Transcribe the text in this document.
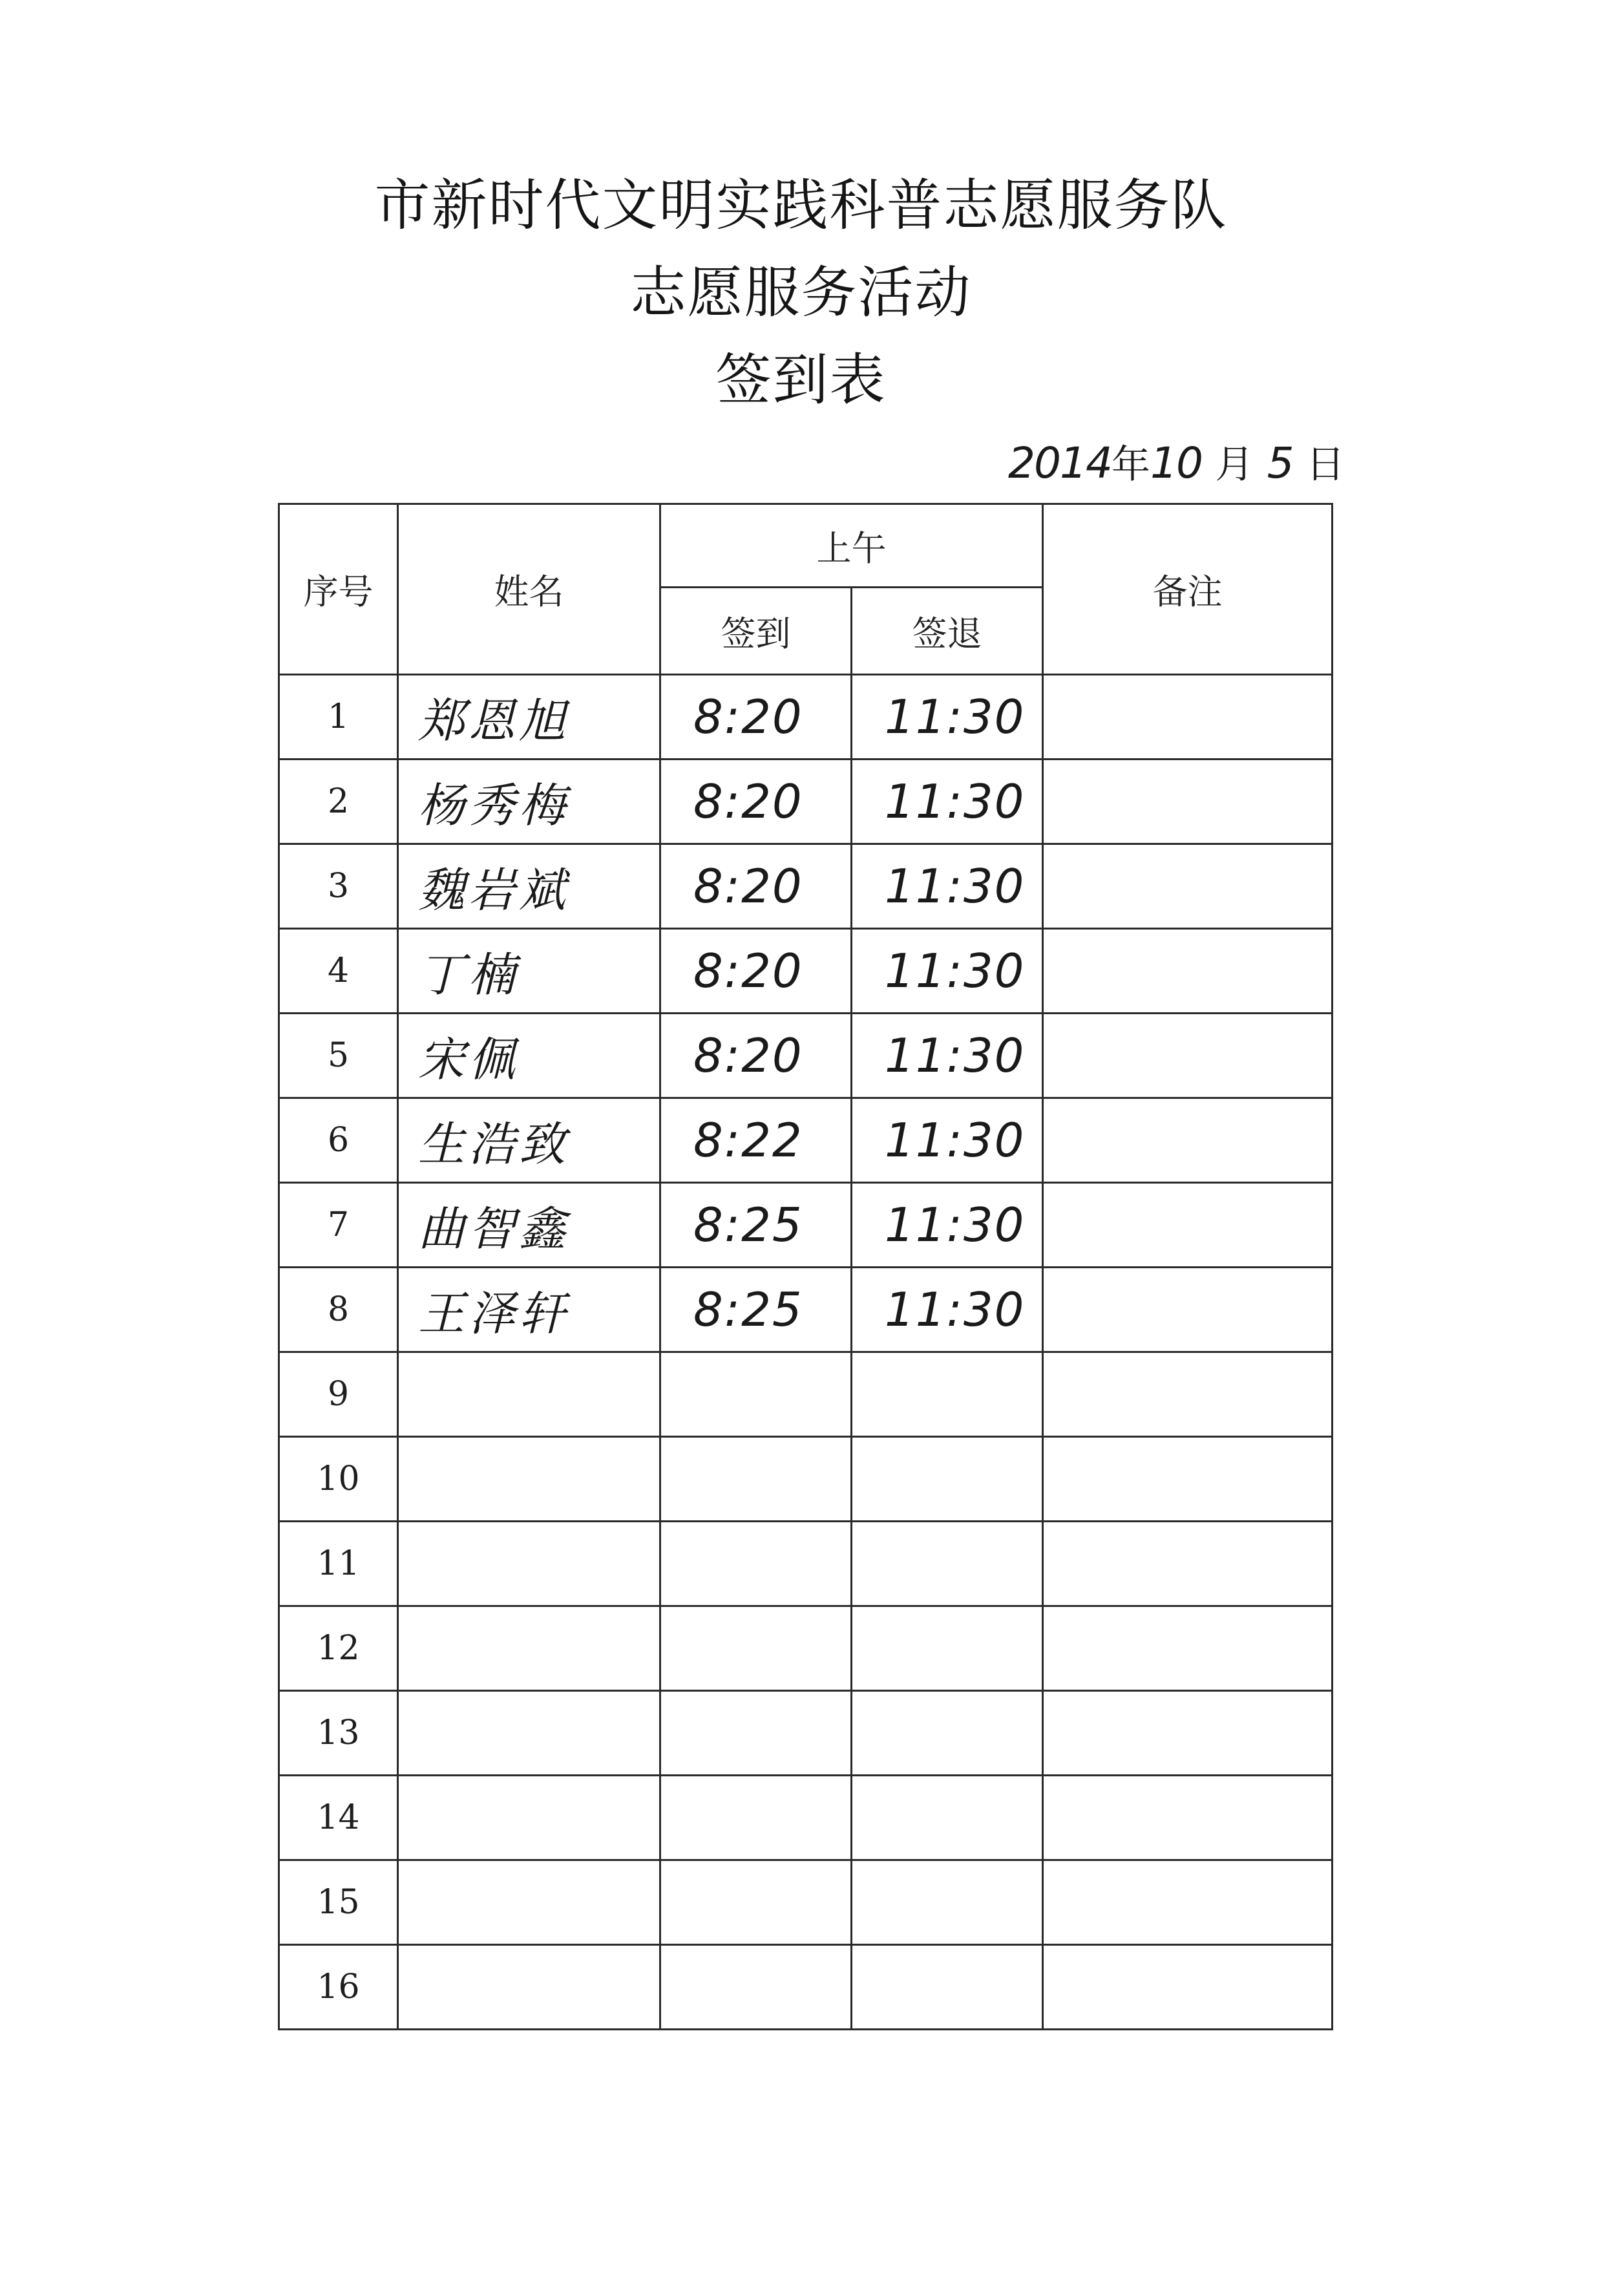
市新时代文明实践科普志愿服务队
志愿服务活动
签到表
2014年10 月 5 日
序号	姓名	上午		备注
		签到	签退	
1	郑恩旭	8:20	11:30	
2	杨秀梅	8:20	11:30	
3	魏岩斌	8:20	11:30	
4	丁楠	8:20	11:30	
5	宋佩	8:20	11:30	
6	生浩致	8:22	11:30	
7	曲智鑫	8:25	11:30	
8	王泽轩	8:25	11:30	
9				
10				
11				
12				
13				
14				
15				
16				
